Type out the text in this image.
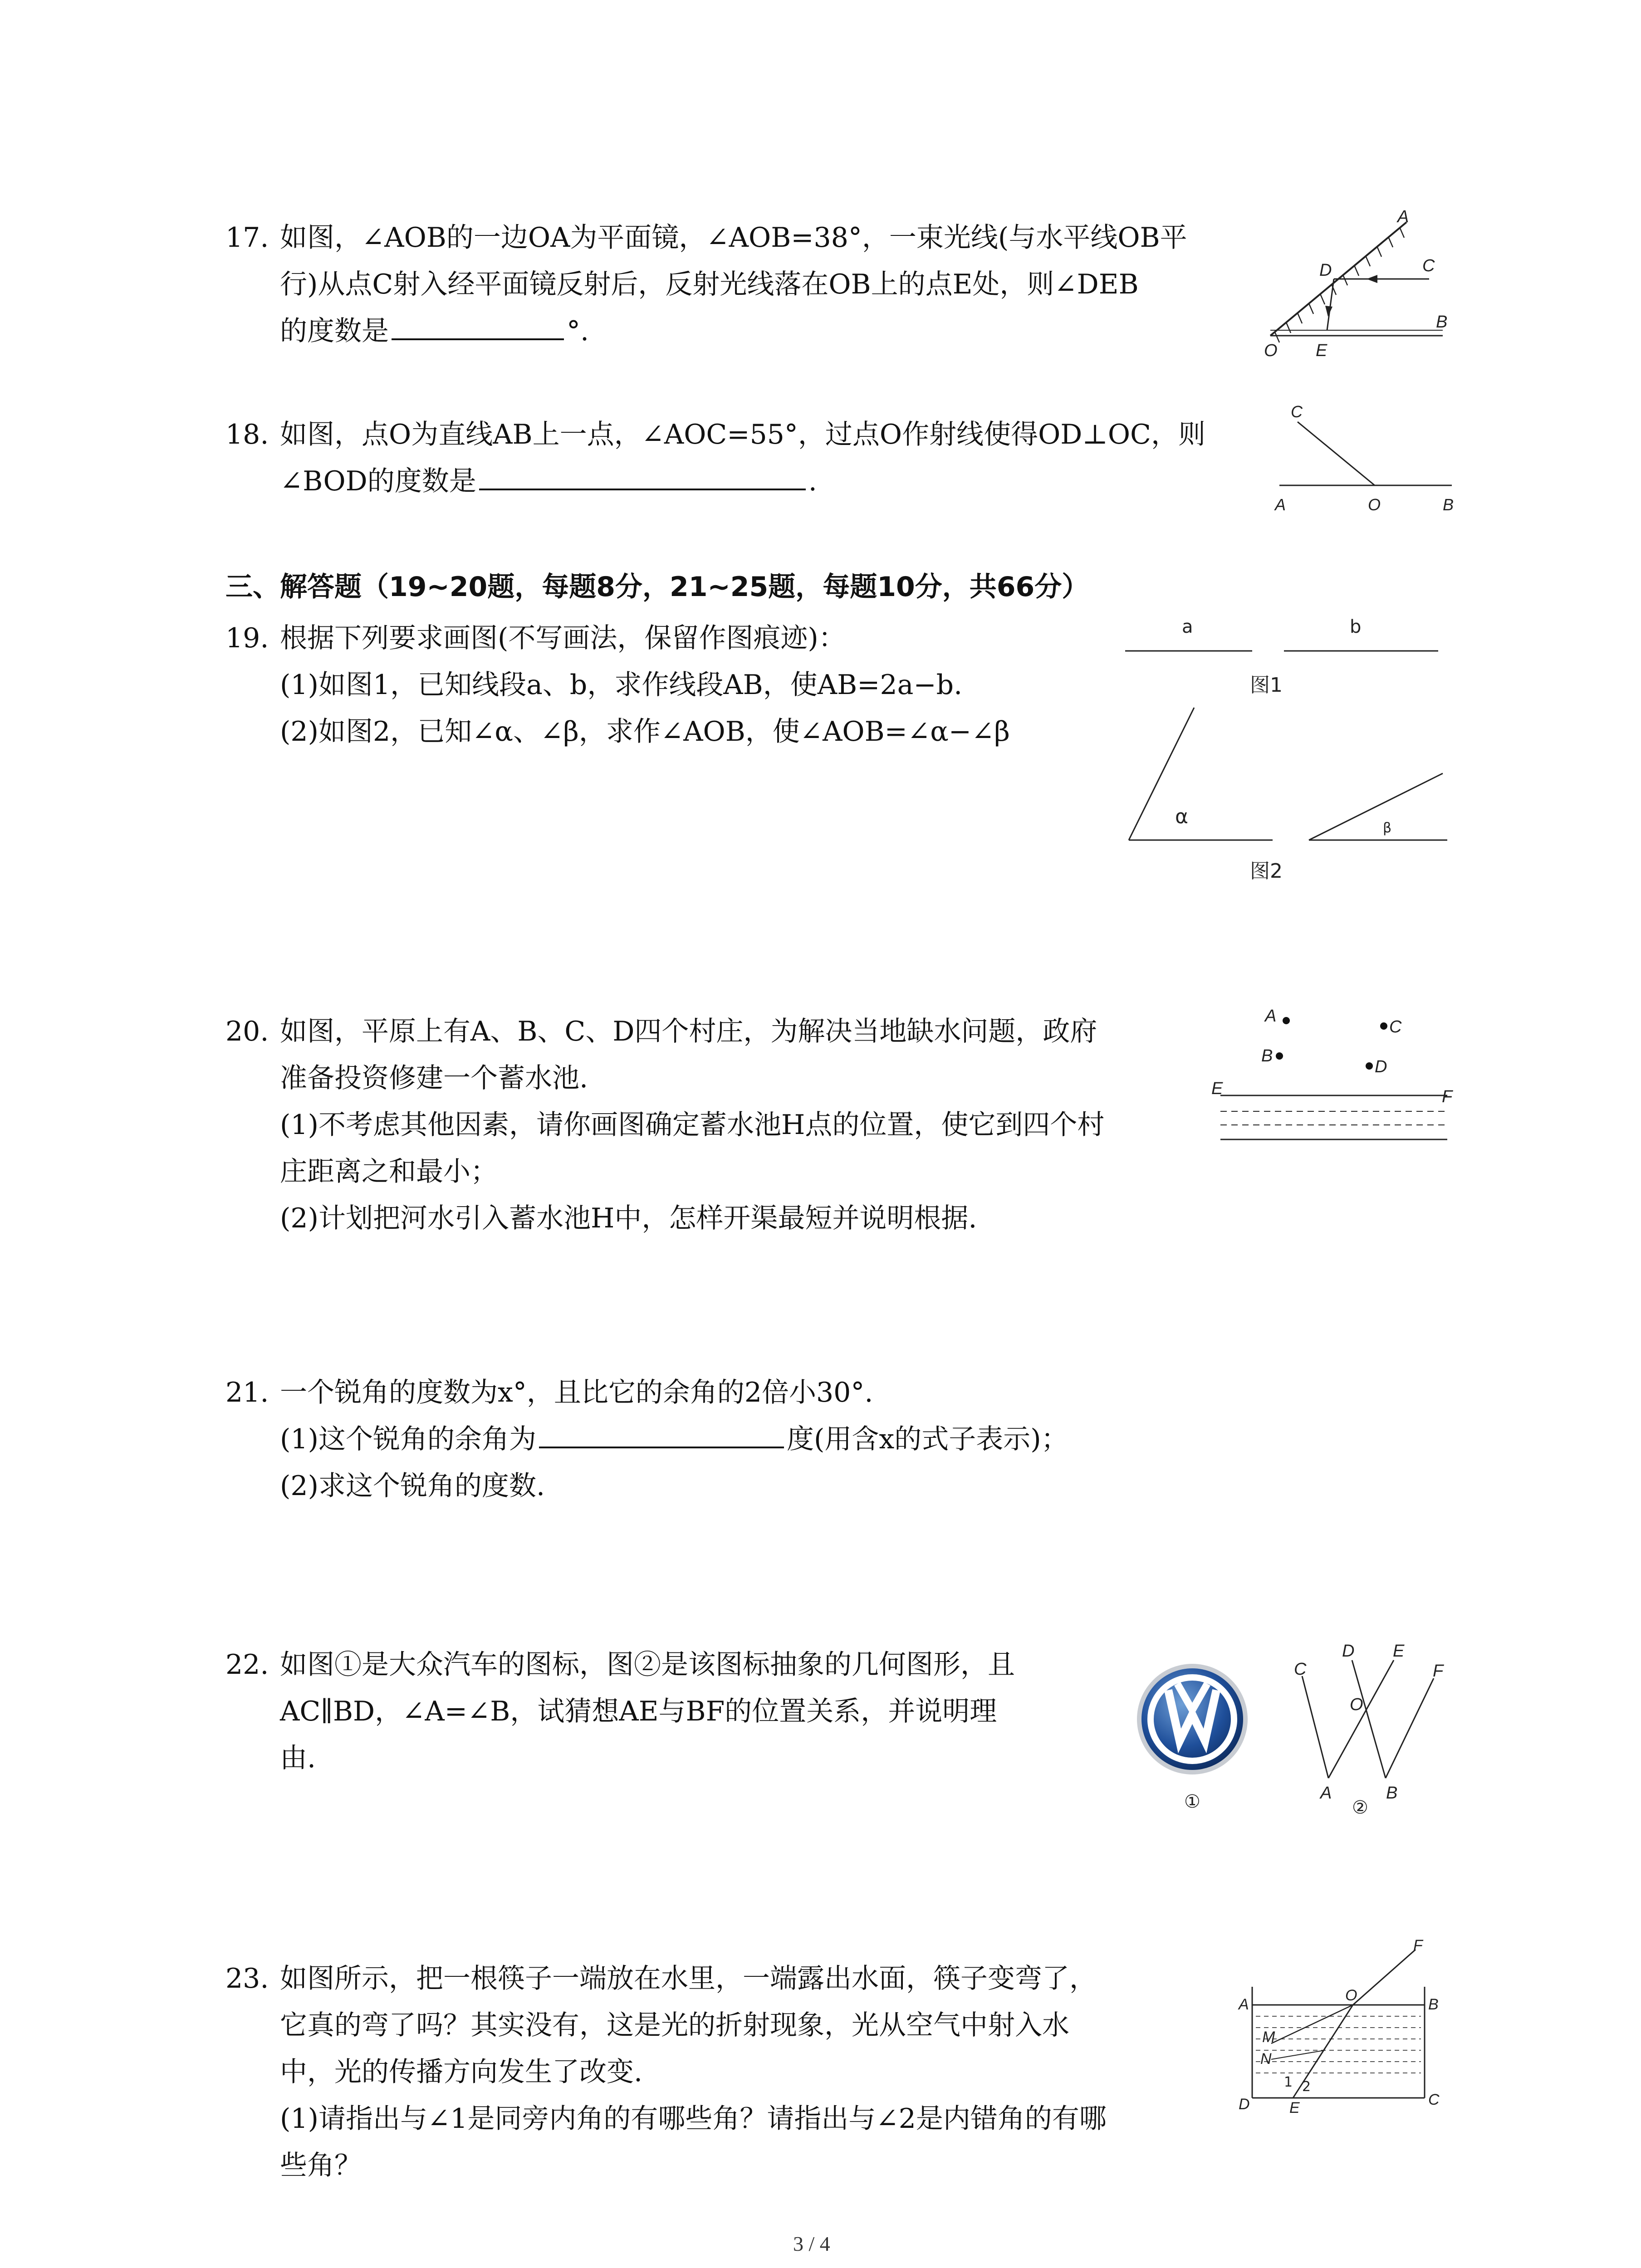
17. 如图，∠AOB的一边OA为平面镜，∠AOB=38°，一束光线(与水平线OB平
行)从点C射入经平面镜反射后，反射光线落在OB上的点E处，则∠DEB
的度数是	°.
A
C
D
B
O E
18. 如图，点O为直线AB上一点，∠AOC=55°，过点O作射线使得OD⊥OC，则
∠BOD的度数是	.
C
A	O	B
三、解答题（19~20题，每题8分，21~25题，每题10分，共66分）
19. 根据下列要求画图(不写画法，保留作图痕迹)：
(1)如图1，已知线段a、b，求作线段AB，使AB=2a−b.
(2)如图2，已知∠α、∠β，求作∠AOB，使∠AOB=∠α−∠β
a	b
图1
α	β
图2
20. 如图，平原上有A、B、C、D四个村庄，为解决当地缺水问题，政府
准备投资修建一个蓄水池.
(1)不考虑其他因素，请你画图确定蓄水池H点的位置，使它到四个村
庄距离之和最小；
(2)计划把河水引入蓄水池H中，怎样开渠最短并说明根据.
A
B
C
D
E	F
21. 一个锐角的度数为x°，且比它的余角的2倍小30°.
(1)这个锐角的余角为	度(用含x的式子表示)；
(2)求这个锐角的度数.
22. 如图①是大众汽车的图标，图②是该图标抽象的几何图形，且
AC∥BD，∠A=∠B，试猜想AE与BF的位置关系，并说明理
由.
①
C
D E
F
O
A	B
②
23. 如图所示，把一根筷子一端放在水里，一端露出水面，筷子变弯了，
它真的弯了吗？其实没有，这是光的折射现象，光从空气中射入水
中，光的传播方向发生了改变.
(1)请指出与∠1是同旁内角的有哪些角？请指出与∠2是内错角的有哪
些角？
F
O
A	B
M
N
1 2
D	E	C
3 / 4
